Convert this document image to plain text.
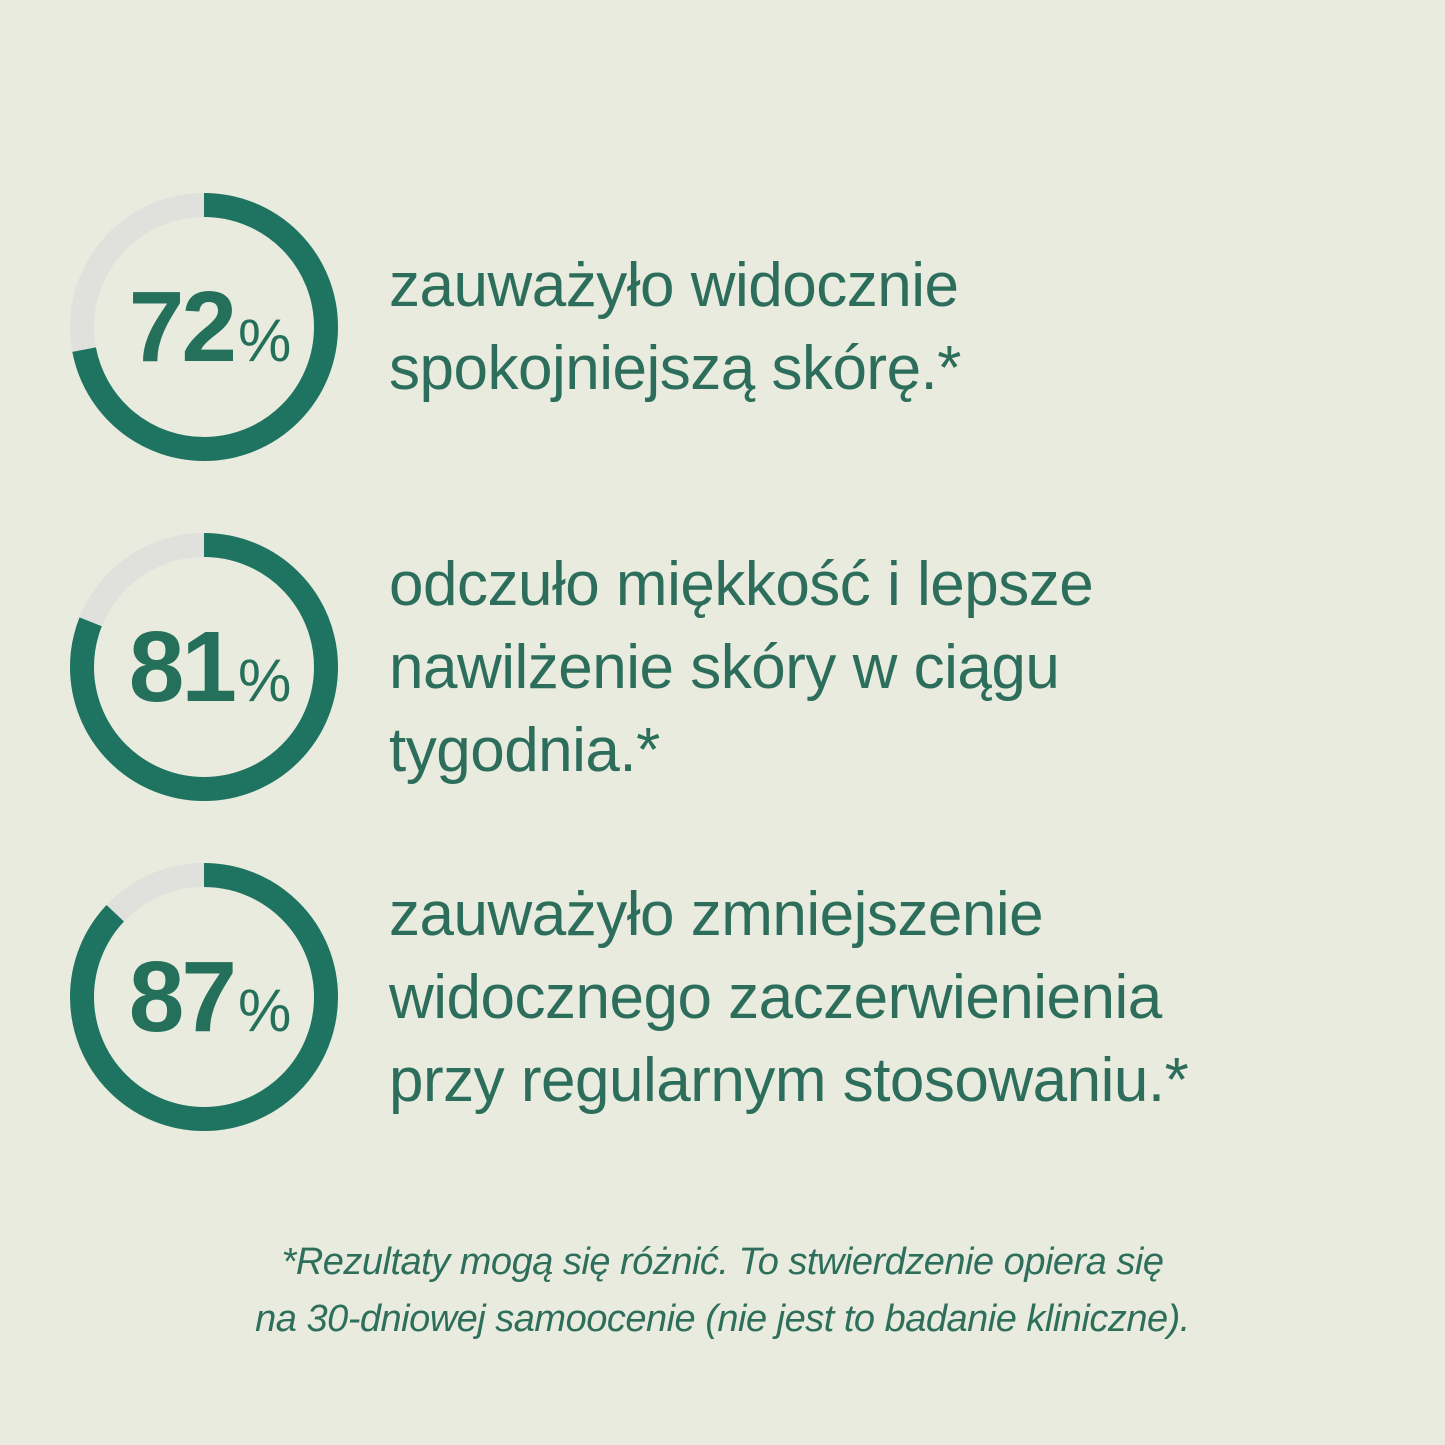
72 %
zauważyło widocznie
spokojniejszą skórę.*
81 %
odczuło miękkość i lepsze
nawilżenie skóry w ciągu
tygodnia.*
87 %
zauważyło zmniejszenie
widocznego zaczerwienienia
przy regularnym stosowaniu.*
*Rezultaty mogą się różnić. To stwierdzenie opiera się
na 30-dniowej samoocenie (nie jest to badanie kliniczne).
